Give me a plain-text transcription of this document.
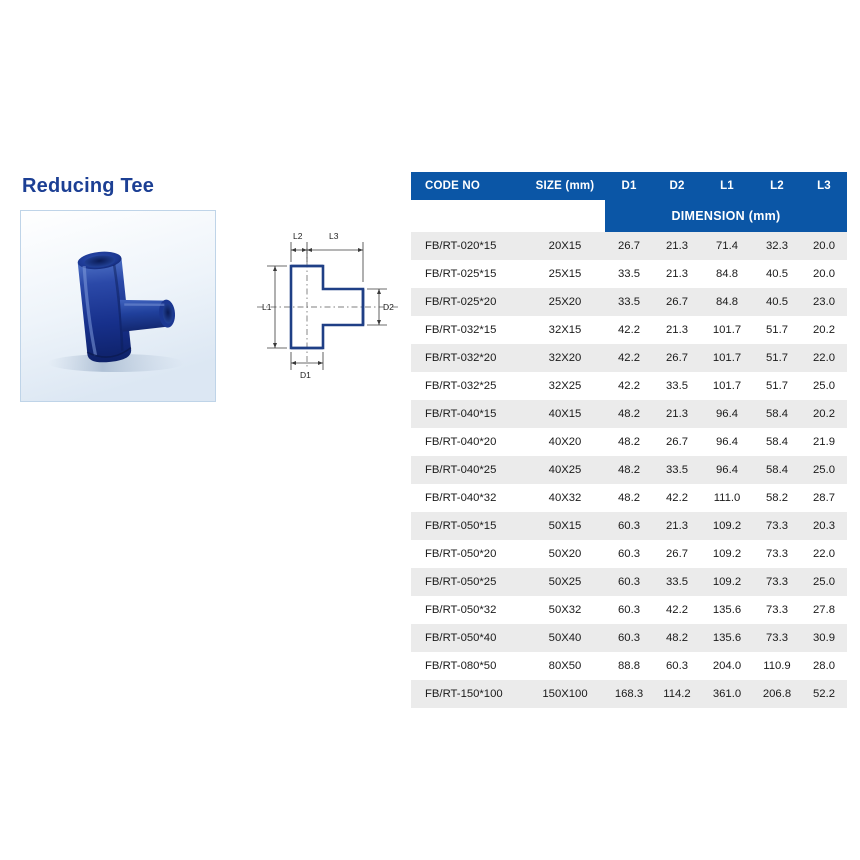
Reducing Tee
L2	L3
L1
D1
D2
		DIMENSION (mm)				
CODE NO	SIZE (mm)	D1	D2	L1	L2	L3
FB/RT-020*15	20X15	26.7	21.3	71.4	32.3	20.0
FB/RT-025*15	25X15	33.5	21.3	84.8	40.5	20.0
FB/RT-025*20	25X20	33.5	26.7	84.8	40.5	23.0
FB/RT-032*15	32X15	42.2	21.3	101.7	51.7	20.2
FB/RT-032*20	32X20	42.2	26.7	101.7	51.7	22.0
FB/RT-032*25	32X25	42.2	33.5	101.7	51.7	25.0
FB/RT-040*15	40X15	48.2	21.3	96.4	58.4	20.2
FB/RT-040*20	40X20	48.2	26.7	96.4	58.4	21.9
FB/RT-040*25	40X25	48.2	33.5	96.4	58.4	25.0
FB/RT-040*32	40X32	48.2	42.2	111.0	58.2	28.7
FB/RT-050*15	50X15	60.3	21.3	109.2	73.3	20.3
FB/RT-050*20	50X20	60.3	26.7	109.2	73.3	22.0
FB/RT-050*25	50X25	60.3	33.5	109.2	73.3	25.0
FB/RT-050*32	50X32	60.3	42.2	135.6	73.3	27.8
FB/RT-050*40	50X40	60.3	48.2	135.6	73.3	30.9
FB/RT-080*50	80X50	88.8	60.3	204.0	110.9	28.0
FB/RT-150*100	150X100	168.3	114.2	361.0	206.8	52.2
